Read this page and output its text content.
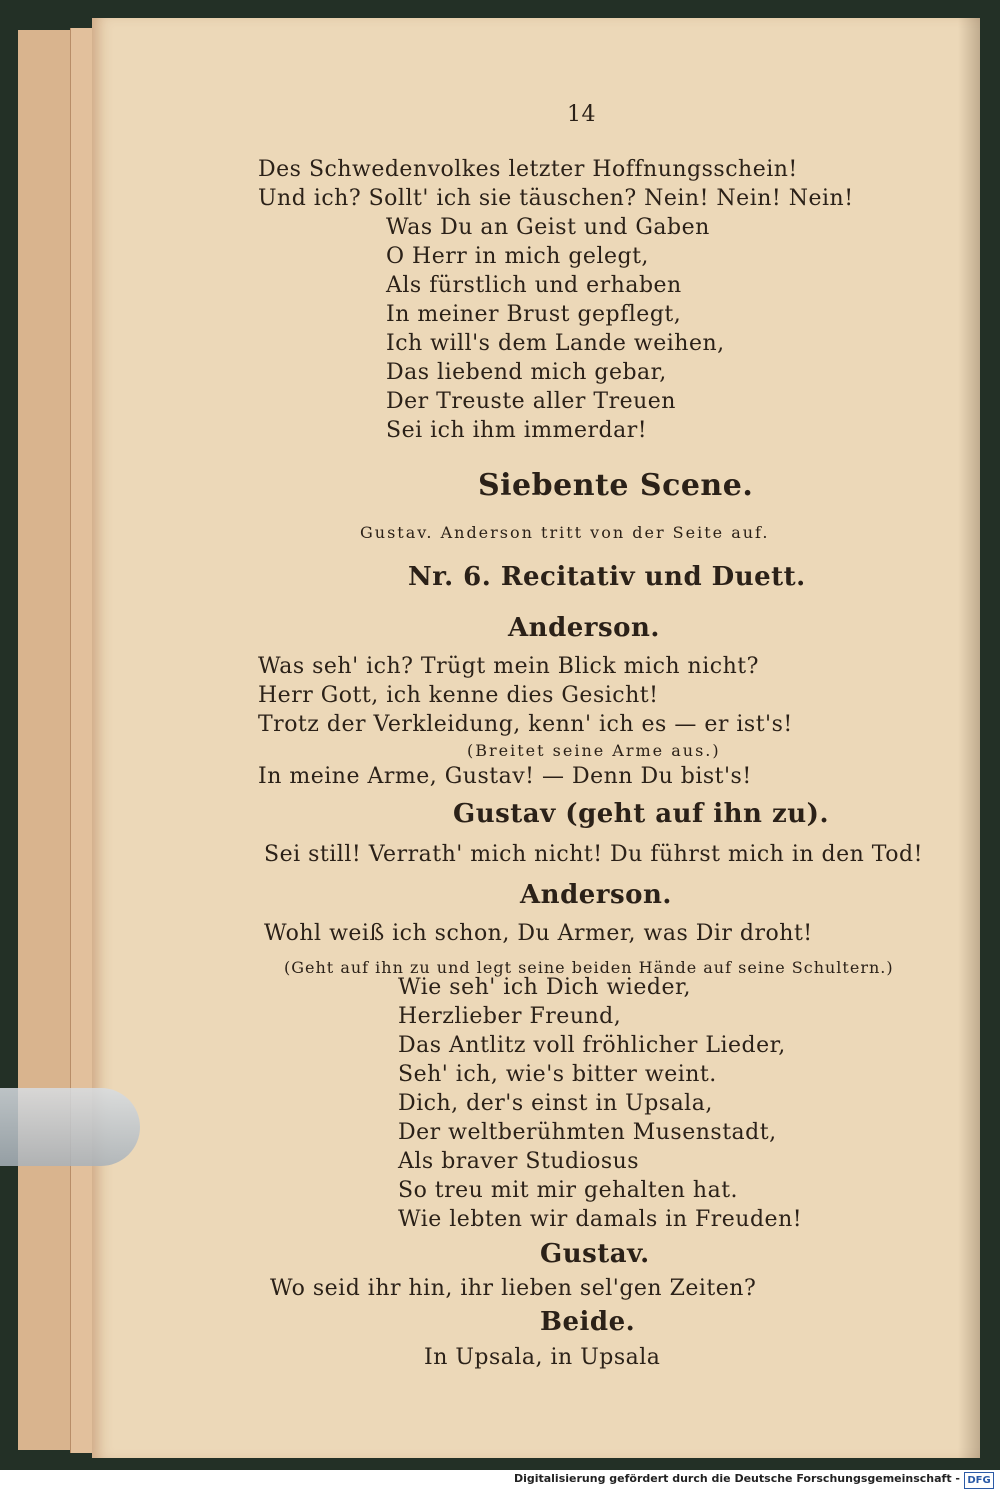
14
Des Schwedenvolkes letzter Hoffnungsschein!
Und ich? Sollt' ich sie täuschen? Nein! Nein! Nein!
Was Du an Geist und Gaben
O Herr in mich gelegt,
Als fürstlich und erhaben
In meiner Brust gepflegt,
Ich will's dem Lande weihen,
Das liebend mich gebar,
Der Treuste aller Treuen
Sei ich ihm immerdar!
Siebente Scene.
Gustav. Anderson tritt von der Seite auf.
Nr. 6. Recitativ und Duett.
Anderson.
Was seh' ich? Trügt mein Blick mich nicht?
Herr Gott, ich kenne dies Gesicht!
Trotz der Verkleidung, kenn' ich es — er ist's!
(Breitet seine Arme aus.)
In meine Arme, Gustav! — Denn Du bist's!
Gustav (geht auf ihn zu).
Sei still! Verrath' mich nicht! Du führst mich in den Tod!
Anderson.
Wohl weiß ich schon, Du Armer, was Dir droht!
(Geht auf ihn zu und legt seine beiden Hände auf seine Schultern.)
Wie seh' ich Dich wieder,
Herzlieber Freund,
Das Antlitz voll fröhlicher Lieder,
Seh' ich, wie's bitter weint.
Dich, der's einst in Upsala,
Der weltberühmten Musenstadt,
Als braver Studiosus
So treu mit mir gehalten hat.
Wie lebten wir damals in Freuden!
Gustav.
Wo seid ihr hin, ihr lieben sel'gen Zeiten?
Beide.
In Upsala, in Upsala
Digitalisierung gefördert durch die Deutsche Forschungsgemeinschaft - DFG
